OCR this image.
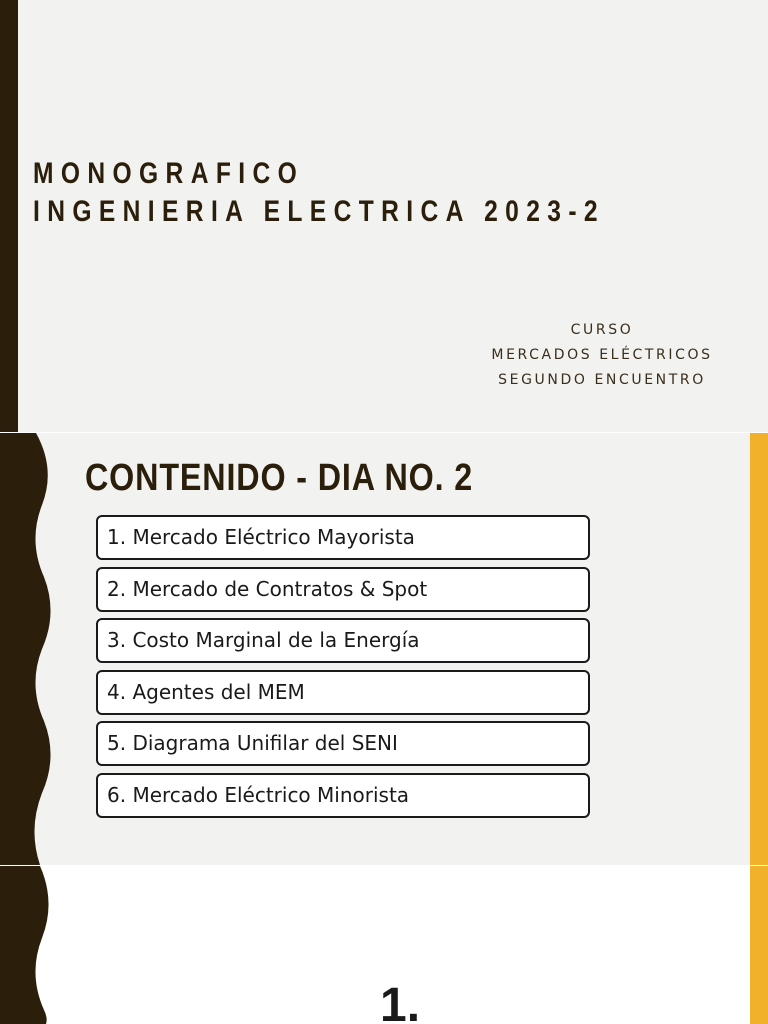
MONOGRAFICO
INGENIERIA ELECTRICA 2023-2
CURSO
MERCADOS ELÉCTRICOS
SEGUNDO ENCUENTRO
CONTENIDO - DIA NO. 2
1. Mercado Eléctrico Mayorista
2. Mercado de Contratos & Spot
3. Costo Marginal de la Energía
4. Agentes del MEM
5. Diagrama Unifilar del SENI
6. Mercado Eléctrico Minorista
1.
